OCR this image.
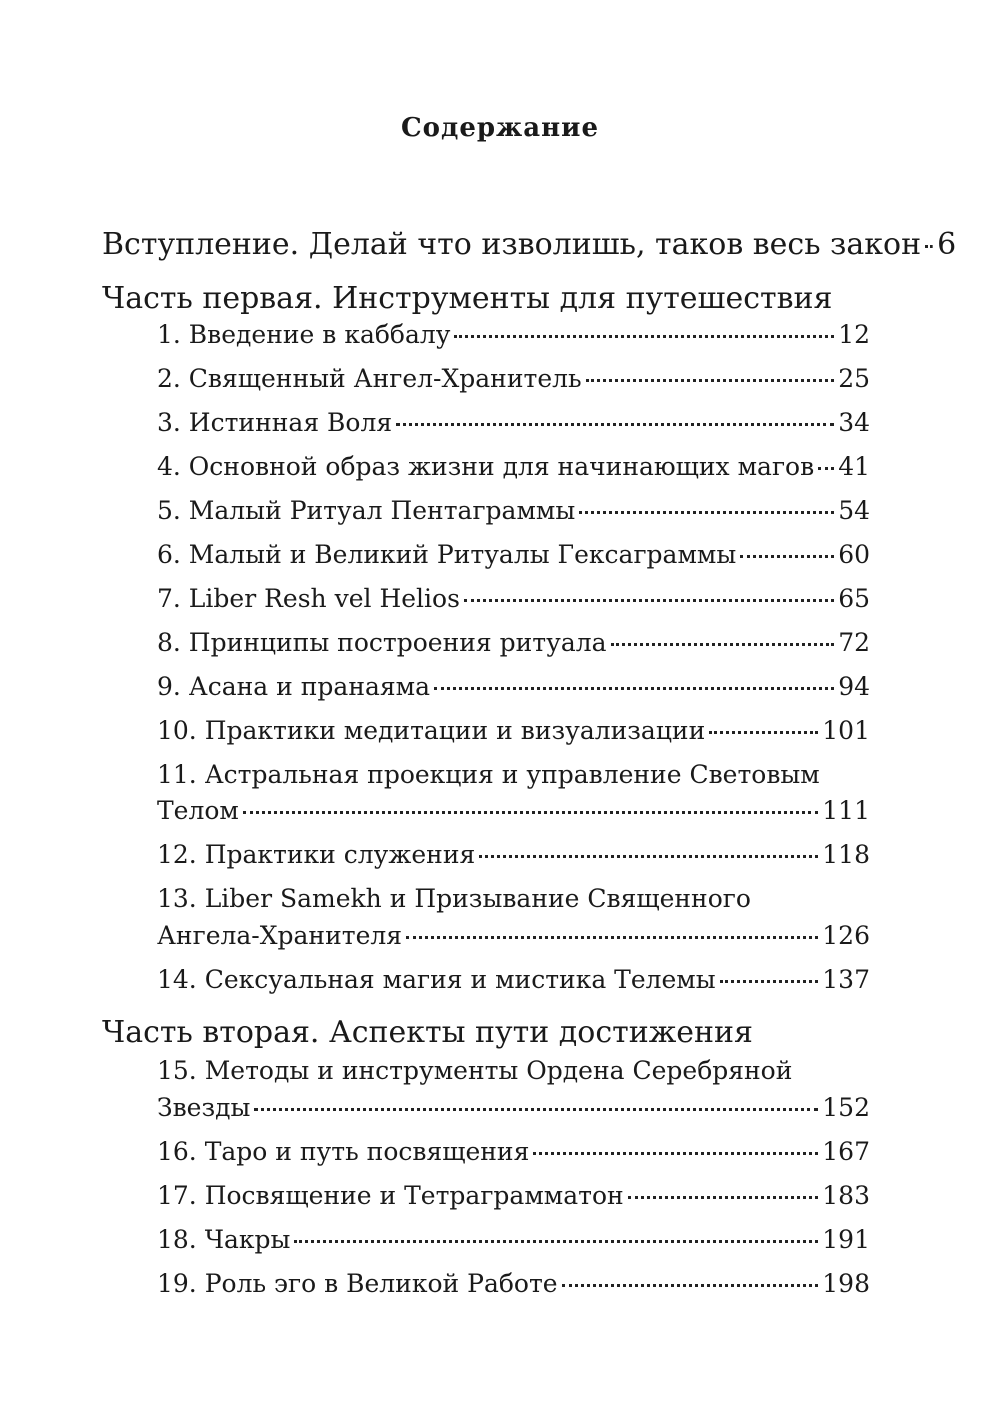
Содержание
Вступление. Делай что изволишь, таков весь закон 6
Часть первая. Инструменты для путешествия
1. Введение в каббалу	12
2. Священный Ангел-Хранитель	25
3. Истинная Воля	34
4. Основной образ жизни для начинающих магов 41
5. Малый Ритуал Пентаграммы	54
6. Малый и Великий Ритуалы Гексаграммы	60
7. Liber Resh vel Helios	65
8. Принципы построения ритуала	72
9. Асана и пранаяма	94
10. Практики медитации и визуализации	101
11. Астральная проекция и управление Световым
Телом	111
12. Практики служения	118
13. Liber Samekh и Призывание Священного
Ангела-Хранителя	126
14. Сексуальная магия и мистика Телемы	137
Часть вторая. Аспекты пути достижения
15. Методы и инструменты Ордена Серебряной
Звезды	152
16. Таро и путь посвящения	167
17. Посвящение и Тетраграмматон	183
18. Чакры	191
19. Роль эго в Великой Работе	198
